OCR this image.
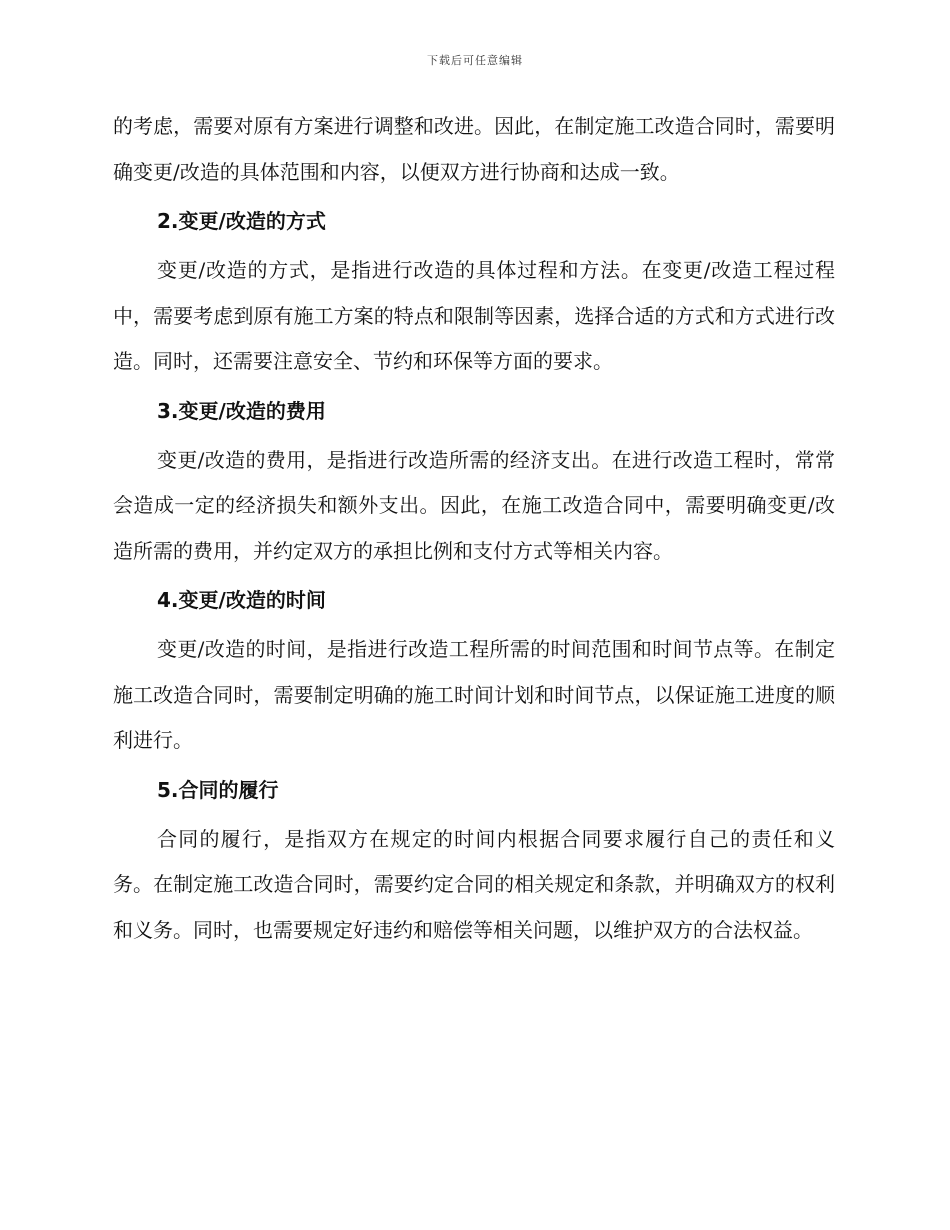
下载后可任意编辑

的考虑，需要对原有方案进行调整和改进。因此，在制定施工改造合同时，需要明确变更/改造的具体范围和内容，以便双方进行协商和达成一致。

2.变更/改造的方式

变更/改造的方式，是指进行改造的具体过程和方法。在变更/改造工程过程中，需要考虑到原有施工方案的特点和限制等因素，选择合适的方式和方式进行改造。同时，还需要注意安全、节约和环保等方面的要求。

3.变更/改造的费用

变更/改造的费用，是指进行改造所需的经济支出。在进行改造工程时，常常会造成一定的经济损失和额外支出。因此，在施工改造合同中，需要明确变更/改造所需的费用，并约定双方的承担比例和支付方式等相关内容。

4.变更/改造的时间

变更/改造的时间，是指进行改造工程所需的时间范围和时间节点等。在制定施工改造合同时，需要制定明确的施工时间计划和时间节点，以保证施工进度的顺利进行。

5.合同的履行

合同的履行，是指双方在规定的时间内根据合同要求履行自己的责任和义务。在制定施工改造合同时，需要约定合同的相关规定和条款，并明确双方的权利和义务。同时，也需要规定好违约和赔偿等相关问题，以维护双方的合法权益。
